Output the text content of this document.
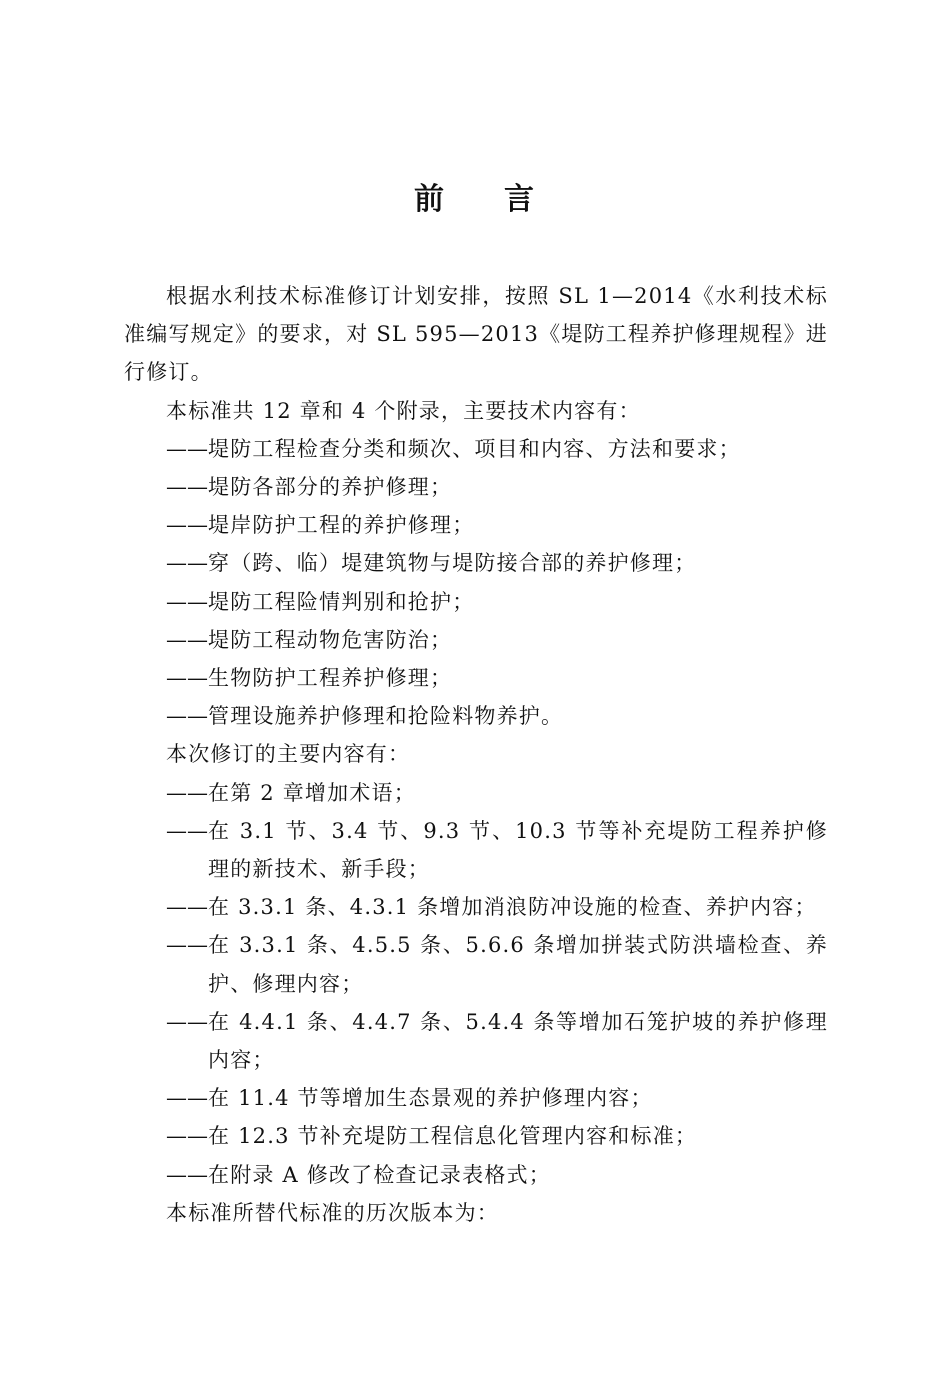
前 言

根据水利技术标准修订计划安排，按照 SL 1—2014《水利技术标准编写规定》的要求，对 SL 595—2013《堤防工程养护修理规程》进行修订。

本标准共 12 章和 4 个附录，主要技术内容有：

—— 堤防工程检查分类和频次、项目和内容、方法和要求；
—— 堤防各部分的养护修理；
—— 堤岸防护工程的养护修理；
—— 穿（跨、临）堤建筑物与堤防接合部的养护修理；
—— 堤防工程险情判别和抢护；
—— 堤防工程动物危害防治；
—— 生物防护工程养护修理；
—— 管理设施养护修理和抢险料物养护。

本次修订的主要内容有：

—— 在第 2 章增加术语；
—— 在 3.1 节、3.4 节、9.3 节、10.3 节等补充堤防工程养护修理的新技术、新手段；
—— 在 3.3.1 条、4.3.1 条增加消浪防冲设施的检查、养护内容；
—— 在 3.3.1 条、4.5.5 条、5.6.6 条增加拼装式防洪墙检查、养护、修理内容；
—— 在 4.4.1 条、4.4.7 条、5.4.4 条等增加石笼护坡的养护修理内容；
—— 在 11.4 节等增加生态景观的养护修理内容；
—— 在 12.3 节补充堤防工程信息化管理内容和标准；
—— 在附录 A 修改了检查记录表格式；

本标准所替代标准的历次版本为：
